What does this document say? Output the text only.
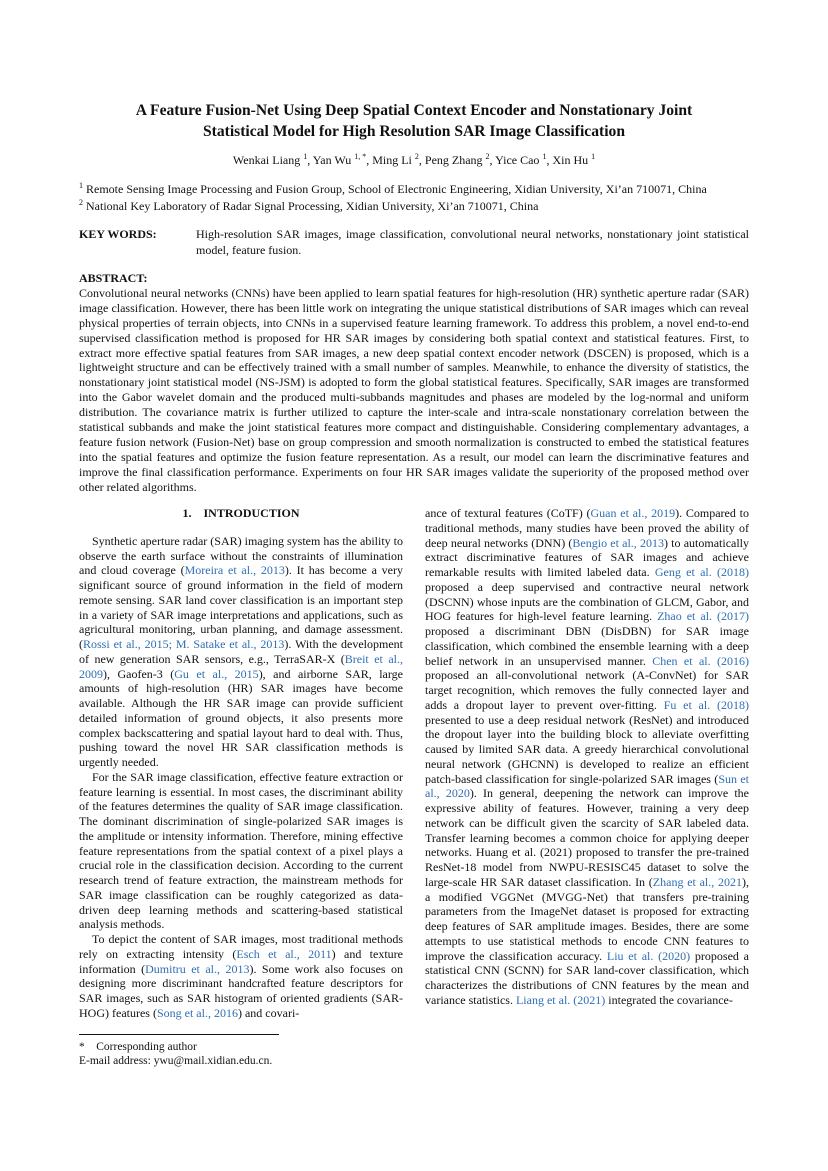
A Feature Fusion-Net Using Deep Spatial Context Encoder and Nonstationary Joint
Statistical Model for High Resolution SAR Image Classification
Wenkai Liang $^1$, Yan Wu $^{1, *}$, Ming Li $^2$, Peng Zhang $^2$, Yice Cao $^1$, Xin Hu $^1$
$^1$ Remote Sensing Image Processing and Fusion Group, School of Electronic Engineering, Xidian University, Xi’an 710071, China
$^2$ National Key Laboratory of Radar Signal Processing, Xidian University, Xi’an 710071, China
KEY WORDS:	High-resolution SAR images, image classification, convolutional neural networks, nonstationary joint statistical model, feature fusion.
ABSTRACT:
Convolutional neural networks (CNNs) have been applied to learn spatial features for high-resolution (HR) synthetic aperture radar (SAR) image classification. However, there has been little work on integrating the unique statistical distributions of SAR images which can reveal physical properties of terrain objects, into CNNs in a supervised feature learning framework. To address this problem, a novel end-to-end supervised classification method is proposed for HR SAR images by considering both spatial context and statistical features. First, to extract more effective spatial features from SAR images, a new deep spatial context encoder network (DSCEN) is proposed, which is a lightweight structure and can be effectively trained with a small number of samples. Meanwhile, to enhance the diversity of statistics, the nonstationary joint statistical model (NS-JSM) is adopted to form the global statistical features. Specifically, SAR images are transformed into the Gabor wavelet domain and the produced multi-subbands magnitudes and phases are modeled by the log-normal and uniform distribution. The covariance matrix is further utilized to capture the inter-scale and intra-scale nonstationary correlation between the statistical subbands and make the joint statistical features more compact and distinguishable. Considering complementary advantages, a feature fusion network (Fusion-Net) base on group compression and smooth normalization is constructed to embed the statistical features into the spatial features and optimize the fusion feature representation. As a result, our model can learn the discriminative features and improve the final classification performance. Experiments on four HR SAR images validate the superiority of the proposed method over other related algorithms.
1. INTRODUCTION

Synthetic aperture radar (SAR) imaging system has the ability to observe the earth surface without the constraints of illumination and cloud coverage (Moreira et al., 2013). It has become a very significant source of ground information in the field of modern remote sensing. SAR land cover classification is an important step in a variety of SAR image interpretations and applications, such as agricultural monitoring, urban planning, and damage assessment. (Rossi et al., 2015; M. Satake et al., 2013). With the development of new generation SAR sensors, e.g., TerraSAR-X (Breit et al., 2009), Gaofen-3 (Gu et al., 2015), and airborne SAR, large amounts of high-resolution (HR) SAR images have become available. Although the HR SAR image can provide sufficient detailed information of ground objects, it also presents more complex backscattering and spatial layout hard to deal with. Thus, pushing toward the novel HR SAR classification methods is urgently needed.

For the SAR image classification, effective feature extraction or feature learning is essential. In most cases, the discriminant ability of the features determines the quality of SAR image classification. The dominant discrimination of single-polarized SAR images is the amplitude or intensity information. Therefore, mining effective feature representations from the spatial context of a pixel plays a crucial role in the classification decision. According to the current research trend of feature extraction, the mainstream methods for SAR image classification can be roughly categorized as data-driven deep learning methods and scattering-based statistical analysis methods.

To depict the content of SAR images, most traditional methods rely on extracting intensity (Esch et al., 2011) and texture information (Dumitru et al., 2013). Some work also focuses on designing more discriminant handcrafted feature descriptors for SAR images, such as SAR histogram of oriented gradients (SAR-HOG) features (Song et al., 2016) and covari-

ance of textural features (CoTF) (Guan et al., 2019). Compared to traditional methods, many studies have been proved the ability of deep neural networks (DNN) (Bengio et al., 2013) to automatically extract discriminative features of SAR images and achieve remarkable results with limited labeled data. Geng et al. (2018) proposed a deep supervised and contractive neural network (DSCNN) whose inputs are the combination of GLCM, Gabor, and HOG features for high-level feature learning. Zhao et al. (2017) proposed a discriminant DBN (DisDBN) for SAR image classification, which combined the ensemble learning with a deep belief network in an unsupervised manner. Chen et al. (2016) proposed an all-convolutional network (A-ConvNet) for SAR target recognition, which removes the fully connected layer and adds a dropout layer to prevent over-fitting. Fu et al. (2018) presented to use a deep residual network (ResNet) and introduced the dropout layer into the building block to alleviate overfitting caused by limited SAR data. A greedy hierarchical convolutional neural network (GHCNN) is developed to realize an efficient patch-based classification for single-polarized SAR images (Sun et al., 2020). In general, deepening the network can improve the expressive ability of features. However, training a very deep network can be difficult given the scarcity of SAR labeled data. Transfer learning becomes a common choice for applying deeper networks. Huang et al. (2021) proposed to transfer the pre-trained ResNet-18 model from NWPU-RESISC45 dataset to solve the large-scale HR SAR dataset classification. In (Zhang et al., 2021), a modified VGGNet (MVGG-Net) that transfers pre-training parameters from the ImageNet dataset is proposed for extracting deep features of SAR amplitude images. Besides, there are some attempts to use statistical methods to encode CNN features to improve the classification accuracy. Liu et al. (2020) proposed a statistical CNN (SCNN) for SAR land-cover classification, which characterizes the distributions of CNN features by the mean and variance statistics. Liang et al. (2021) integrated the covariance-

* Corresponding author
E-mail address: ywu@mail.xidian.edu.cn.
